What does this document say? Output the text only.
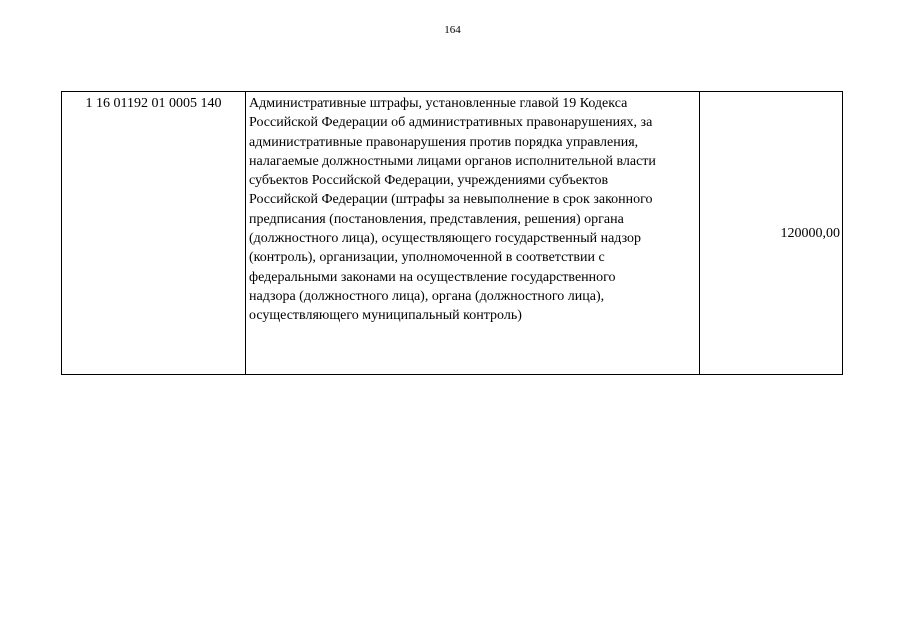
164
1 16 01192 01 0005 140	Административные штрафы, установленные главой 19 Кодекса
Российской Федерации об административных правонарушениях, за
административные правонарушения против порядка управления,
налагаемые должностными лицами органов исполнительной власти
субъектов Российской Федерации, учреждениями субъектов
Российской Федерации (штрафы за невыполнение в срок законного
предписания (постановления, представления, решения) органа
(должностного лица), осуществляющего государственный надзор
(контроль), организации, уполномоченной в соответствии с
федеральными законами на осуществление государственного
надзора (должностного лица), органа (должностного лица),
осуществляющего муниципальный контроль)
	120000,00
